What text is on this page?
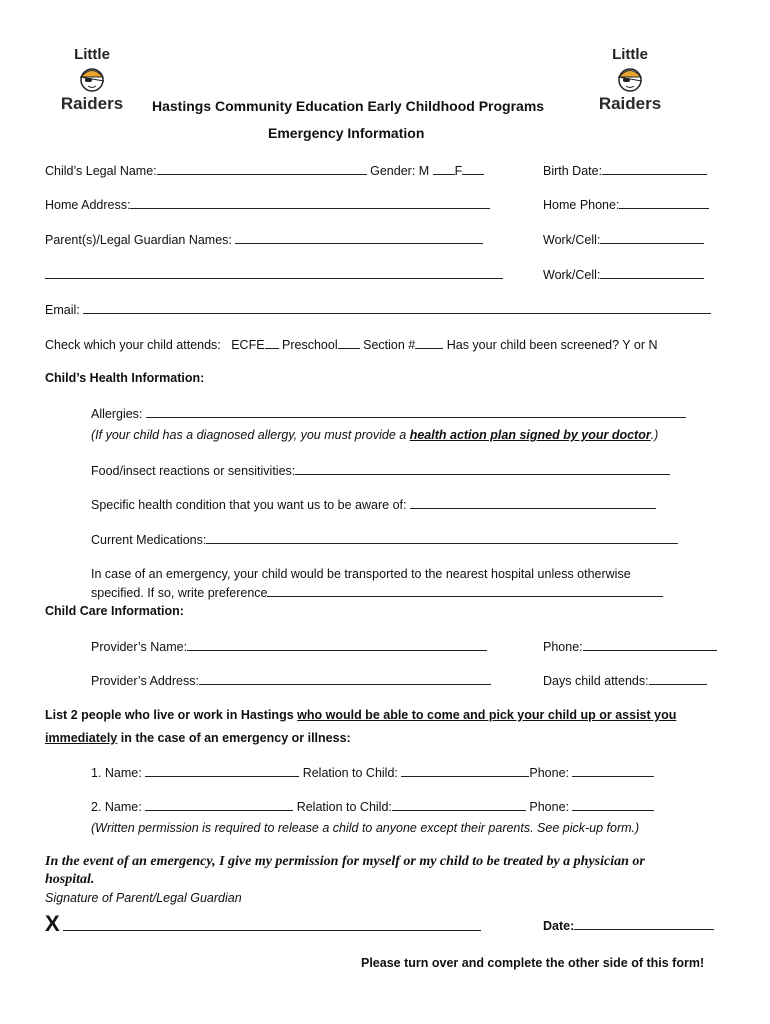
Little
Raiders
Little
Raiders
Hastings Community Education Early Childhood Programs
Emergency Information
Child’s Legal Name:	Gender: M F	Birth Date:
Home Address:	Home Phone:
Parent(s)/Legal Guardian Names:	Work/Cell:
Work/Cell:
Email:
Check which your child attends: ECFE Preschool Section #	Has your child been screened? Y or N
Child’s Health Information:
Allergies:
(If your child has a diagnosed allergy, you must provide a health action plan signed by your doctor.)
Food/insect reactions or sensitivities:
Specific health condition that you want us to be aware of:
Current Medications:
In case of an emergency, your child would be transported to the nearest hospital unless otherwise
specified. If so, write preference
Child Care Information:
Provider’s Name:	Phone:
Provider’s Address:	Days child attends:
List 2 people who live or work in Hastings who would be able to come and pick your child up or assist you
immediately in the case of an emergency or illness:
1. Name:	Relation to Child:	Phone:
2. Name:	Relation to Child:	Phone:
(Written permission is required to release a child to anyone except their parents. See pick-up form.)
In the event of an emergency, I give my permission for myself or my child to be treated by a physician or
hospital.
Signature of Parent/Legal Guardian
X	Date:
Please turn over and complete the other side of this form!
